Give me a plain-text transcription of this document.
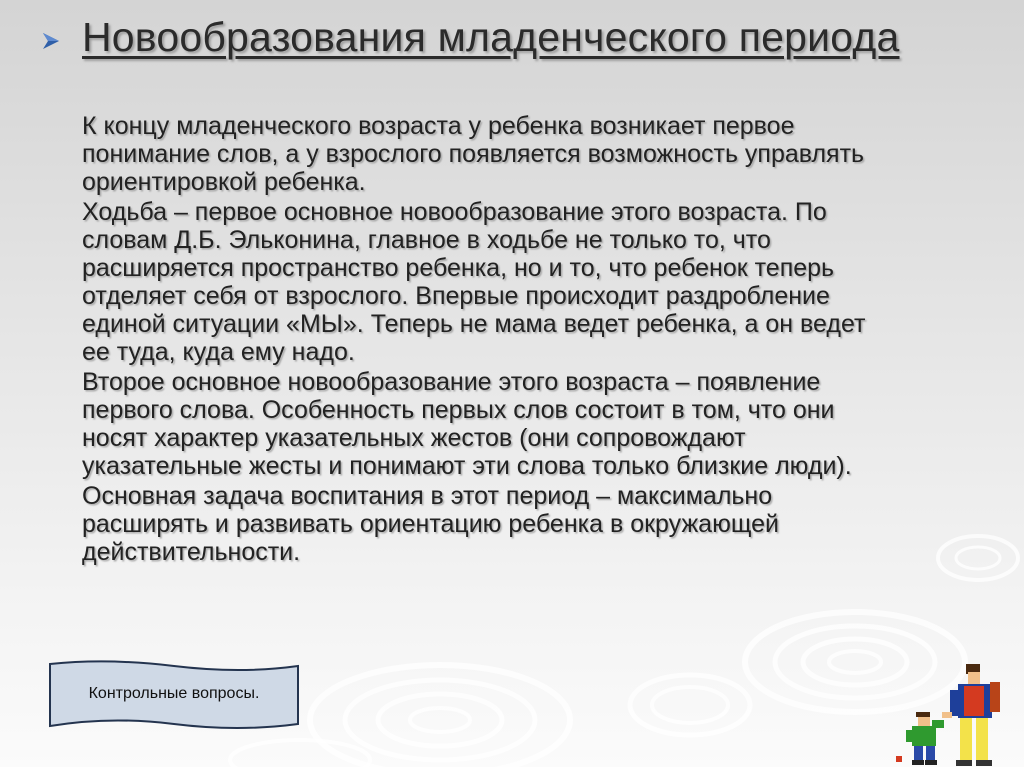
Новообразования младенческого периода

К концу младенческого возраста у ребенка возникает первое понимание слов, а у взрослого появляется возможность управлять ориентировкой ребенка.

Ходьба – первое основное новообразование этого возраста. По словам Д.Б. Эльконина, главное в ходьбе не только то, что расширяется пространство ребенка, но и то, что ребенок теперь отделяет себя от взрослого. Впервые происходит раздробление единой ситуации «МЫ». Теперь не мама ведет ребенка, а он ведет ее туда, куда ему надо.

Второе основное новообразование этого возраста – появление первого слова. Особенность первых слов состоит в том, что они носят характер указательных жестов (они сопровождают указательные жесты и понимают эти слова только близкие люди).

Основная задача воспитания в этот период – максимально расширять и развивать ориентацию ребенка в окружающей действительности.

Контрольные вопросы.
